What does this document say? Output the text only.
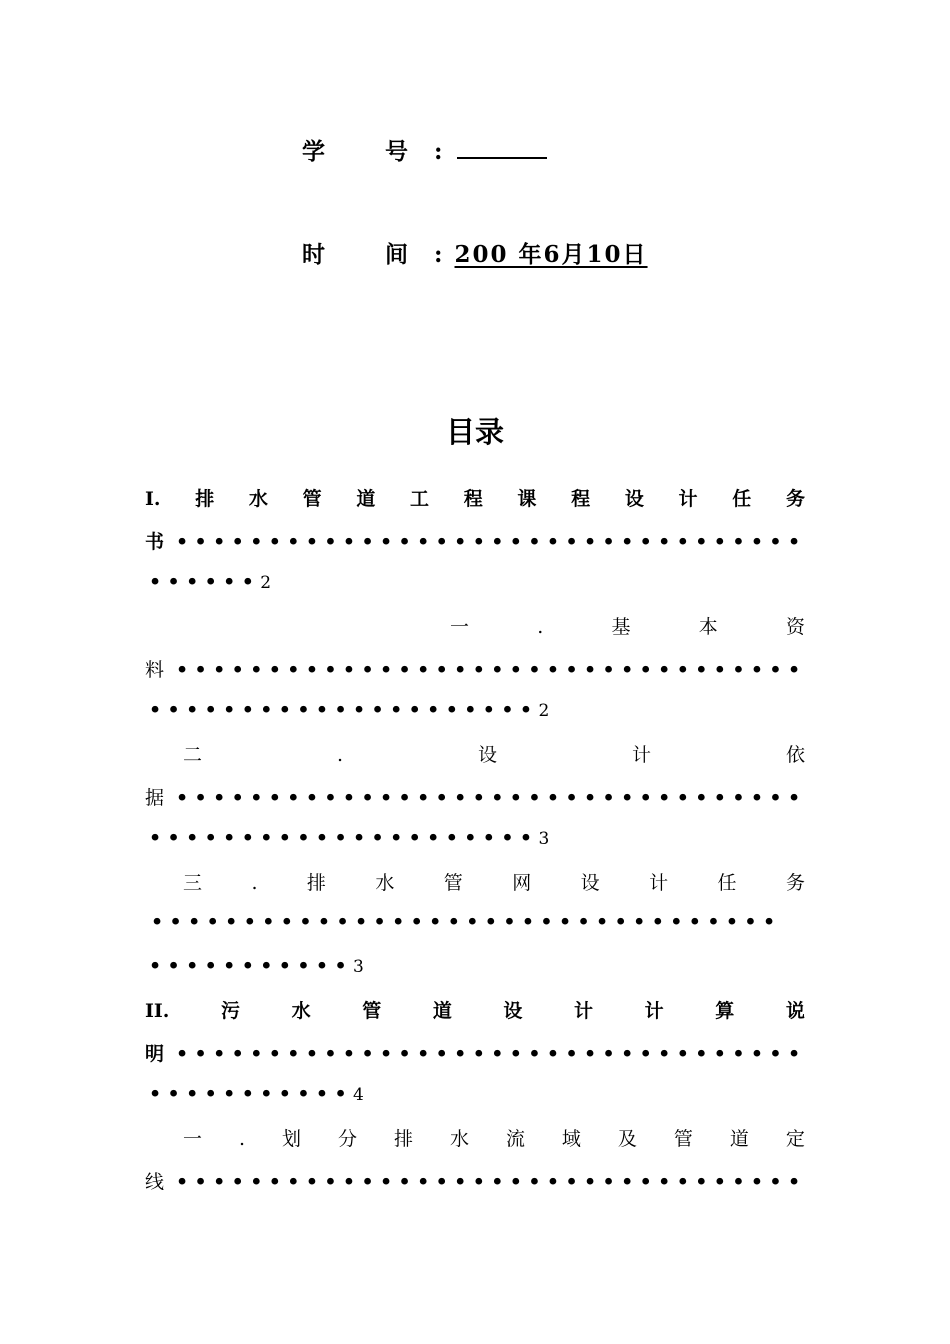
学 号:
时 间: 200 年6月10日
目录
I. 排 水 管 道 工 程 课 程 设 计 任 务
书 ••••••••••••••••••••••••••••••••••
••••••2
一	.	基	本	资
料 ••••••••••••••••••••••••••••••••••
•••••••••••••••••••••2
二	.	设	计	依
据 ••••••••••••••••••••••••••••••••••
•••••••••••••••••••••3
三	.	排	水	管	网	设	计	任	务
••••••••••••••••••••••••••••••••••
•••••••••••3
II.	污	水	管	道	设	计	计	算	说
明 ••••••••••••••••••••••••••••••••••
•••••••••••4
一 . 划 分 排 水 流 域 及 管 道 定
线 ••••••••••••••••••••••••••••••••••
